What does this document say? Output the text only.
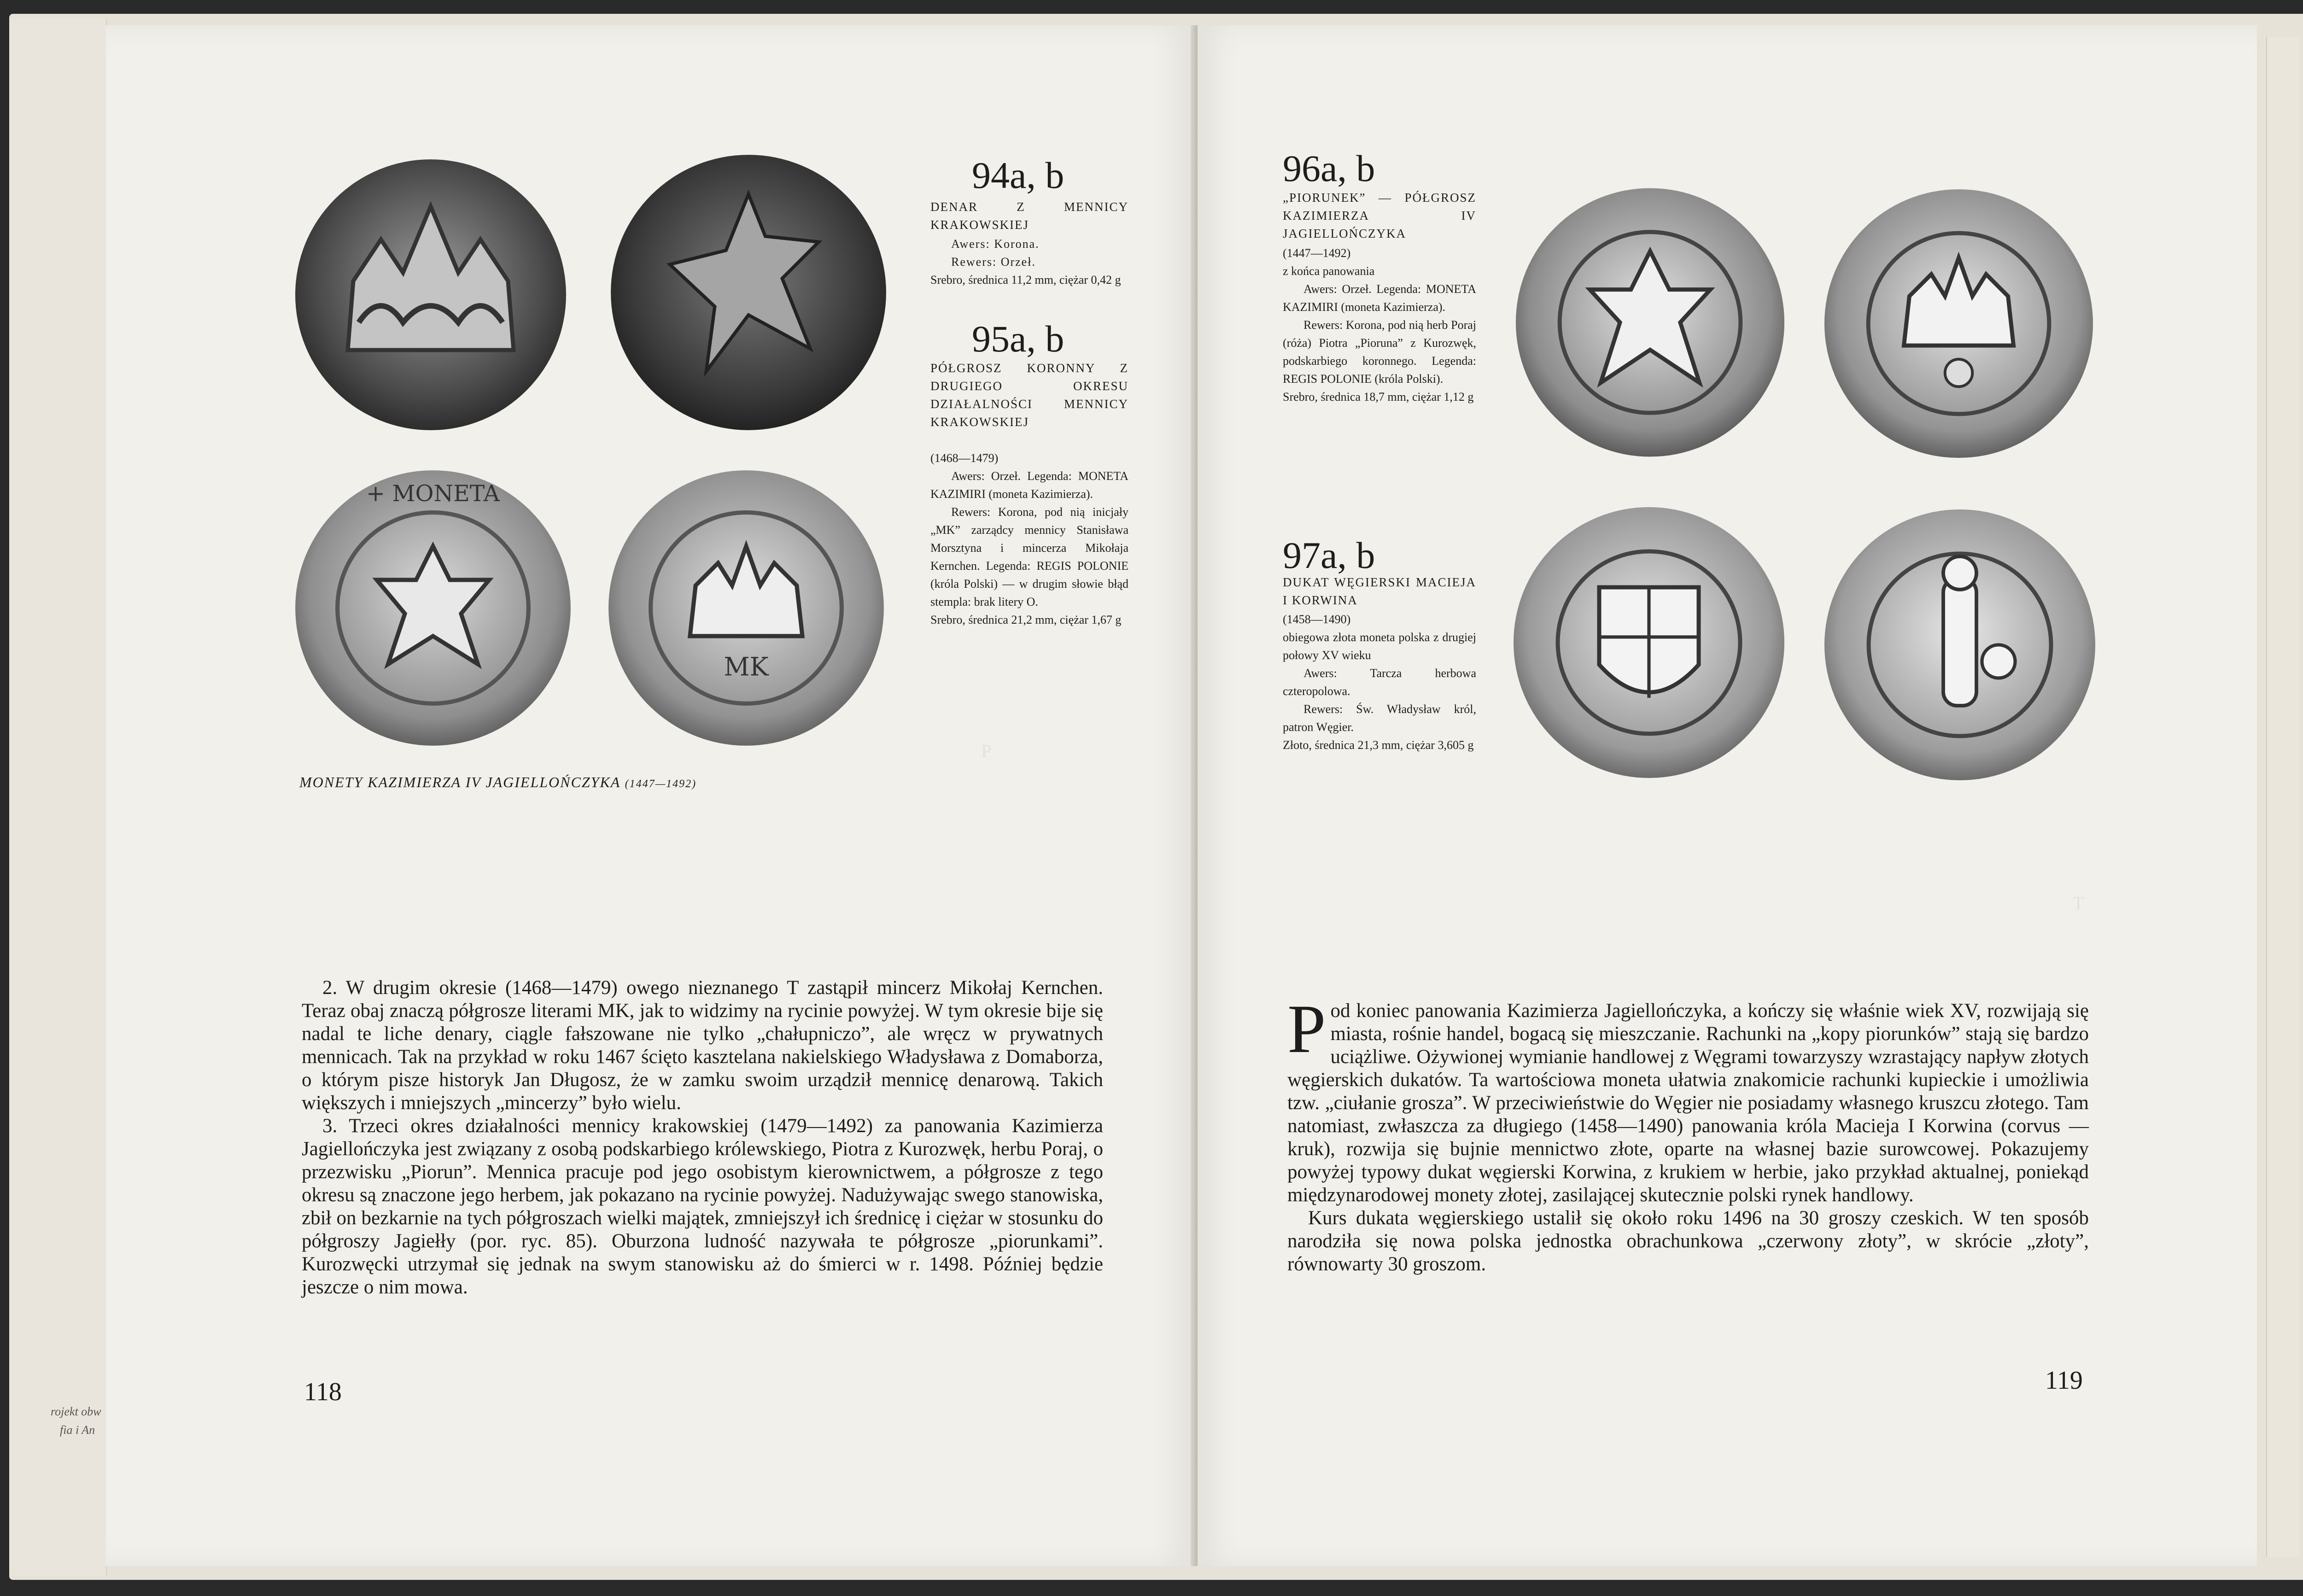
rojekt obw
fia i An
+ MONETA
MK
MONETY KAZIMIERZA IV JAGIELLOŃCZYKA (1447—1492)
94a, b
DENAR Z MENNICY KRAKOWSKIEJ
Awers: Korona.
Rewers: Orzeł.
Srebro, średnica 11,2 mm, ciężar 0,42 g
95a, b
PÓŁGROSZ KORONNY Z DRUGIEGO OKRESU DZIAŁALNOŚCI MENNICY KRAKOWSKIEJ
(1468—1479)
Awers: Orzeł. Legenda: MONETA KAZIMIRI (moneta Kazimierza).
Rewers: Korona, pod nią inicjały „MK” zarządcy mennicy Stanisława Morsztyna i mincerza Mikołaja Kernchen. Legenda: REGIS POLONIE (króla Polski) — w drugim słowie błąd stempla: brak litery O.
Srebro, średnica 21,2 mm, ciężar 1,67 g
P

2. W drugim okresie (1468—1479) owego nieznanego T zastąpił mincerz Mikołaj Kernchen. Teraz obaj znaczą półgrosze literami MK, jak to widzimy na rycinie powyżej. W tym okresie bije się nadal te liche denary, ciągle fałszowane nie tylko „chałupniczo”, ale wręcz w prywatnych mennicach. Tak na przykład w roku 1467 ścięto kasztelana nakielskiego Władysława z Domaborza, o którym pisze historyk Jan Długosz, że w zamku swoim urządził mennicę denarową. Takich większych i mniejszych „mincerzy” było wielu.

3. Trzeci okres działalności mennicy krakowskiej (1479—1492) za panowania Kazimierza Jagiellończyka jest związany z osobą podskarbiego królewskiego, Piotra z Kurozwęk, herbu Poraj, o przezwisku „Piorun”. Mennica pracuje pod jego osobistym kierownictwem, a półgrosze z tego okresu są znaczone jego herbem, jak pokazano na rycinie powyżej. Nadużywając swego stanowiska, zbił on bezkarnie na tych półgroszach wielki majątek, zmniejszył ich średnicę i ciężar w stosunku do półgroszy Jagiełły (por. ryc. 85). Oburzona ludność nazywała te półgrosze „piorunkami”. Kurozwęcki utrzymał się jednak na swym stanowisku aż do śmierci w r. 1498. Później będzie jeszcze o nim mowa.

118
96a, b
„PIORUNEK” — PÓŁGROSZ KAZIMIERZA IV JAGIELLOŃCZYKA
(1447—1492)
z końca panowania
Awers: Orzeł. Legenda: MONETA KAZIMIRI (moneta Kazimierza).
Rewers: Korona, pod nią herb Poraj (róża) Piotra „Pioruna” z Kurozwęk, podskarbiego koronnego. Legenda: REGIS POLONIE (króla Polski).
Srebro, średnica 18,7 mm, ciężar 1,12 g
97a, b
DUKAT WĘGIERSKI MACIEJA I KORWINA
(1458—1490)
obiegowa złota moneta polska z drugiej połowy XV wieku
Awers: Tarcza herbowa czteropolowa.
Rewers: Św. Władysław król, patron Węgier.
Złoto, średnica 21,3 mm, ciężar 3,605 g
T
Pod koniec panowania Kazimierza Jagiellończyka, a kończy się właśnie wiek XV, rozwijają się miasta, rośnie handel, bogacą się mieszczanie. Rachunki na „kopy piorunków” stają się bardzo uciążliwe. Ożywionej wymianie handlowej z Węgrami towarzyszy wzrastający napływ złotych węgierskich dukatów. Ta wartościowa moneta ułatwia znakomicie rachunki kupieckie i umożliwia tzw. „ciułanie grosza”. W przeciwieństwie do Węgier nie posiadamy własnego kruszcu złotego. Tam natomiast, zwłaszcza za długiego (1458—1490) panowania króla Macieja I Korwina (corvus — kruk), rozwija się bujnie mennictwo złote, oparte na własnej bazie surowcowej. Pokazujemy powyżej typowy dukat węgierski Korwina, z krukiem w herbie, jako przykład aktualnej, poniekąd międzynarodowej monety złotej, zasilającej skutecznie polski rynek handlowy.

Kurs dukata węgierskiego ustalił się około roku 1496 na 30 groszy czeskich. W ten sposób narodziła się nowa polska jednostka obrachunkowa „czerwony złoty”, w skrócie „złoty”, równowarty 30 groszom.

119
